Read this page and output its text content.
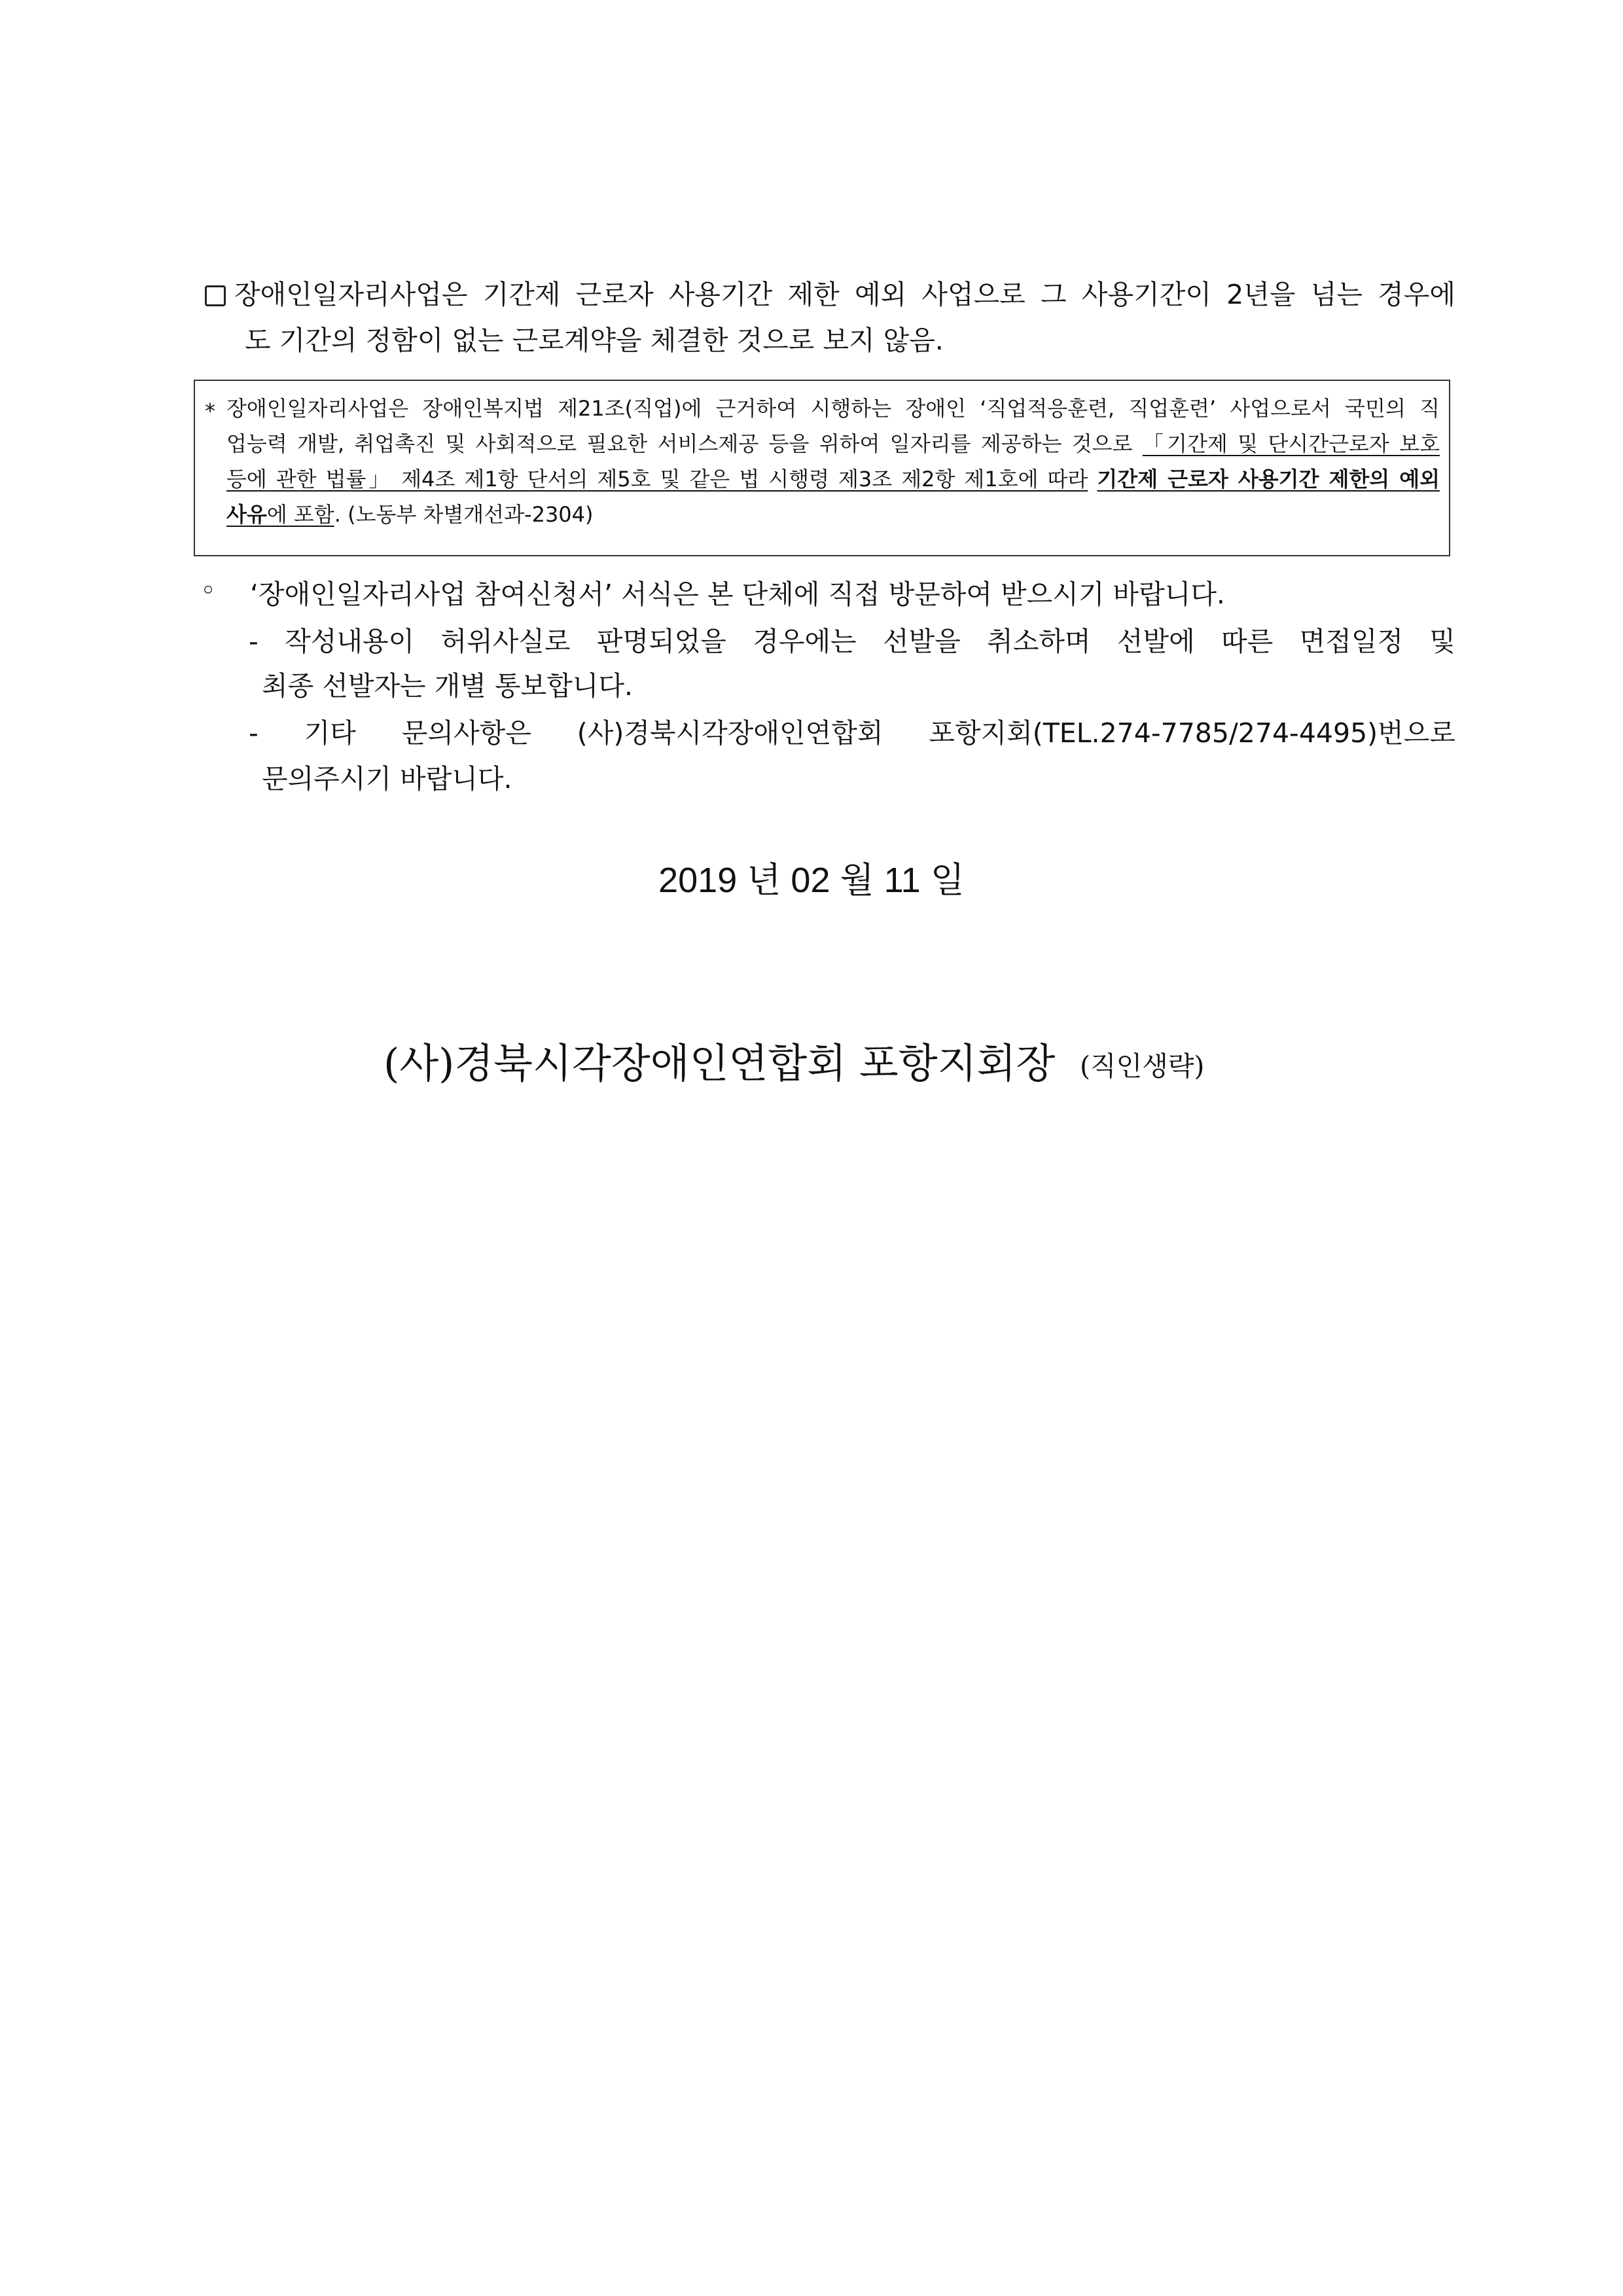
장애인일자리사업은 기간제 근로자 사용기간 제한 예외 사업으로 그 사용기간이 2년을 넘는 경우에
도 기간의 정함이 없는 근로계약을 체결한 것으로 보지 않음.
* 장애인일자리사업은 장애인복지법 제21조(직업)에 근거하여 시행하는 장애인 ‘직업적응훈련, 직업훈련’ 사업으로서 국민의 직
업능력 개발, 취업촉진 및 사회적으로 필요한 서비스제공 등을 위하여 일자리를 제공하는 것으로 「기간제 및 단시간근로자 보호
등에 관한 법률」 제4조 제1항 단서의 제5호 및 같은 법 시행령 제3조 제2항 제1호에 따라 기간제 근로자 사용기간 제한의 예외
사유에 포함. (노동부 차별개선과-2304)
◦ ‘장애인일자리사업 참여신청서’ 서식은 본 단체에 직접 방문하여 받으시기 바랍니다.
- 작성내용이 허위사실로 판명되었을 경우에는 선발을 취소하며 선발에 따른 면접일정 및
최종 선발자는 개별 통보합니다.
- 기타 문의사항은 (사)경북시각장애인연합회 포항지회(TEL.274-7785/274-4495)번으로
문의주시기 바랍니다.
2019 년 02 월 11 일
(사)경북시각장애인연합회 포항지회장 (직인생략)
